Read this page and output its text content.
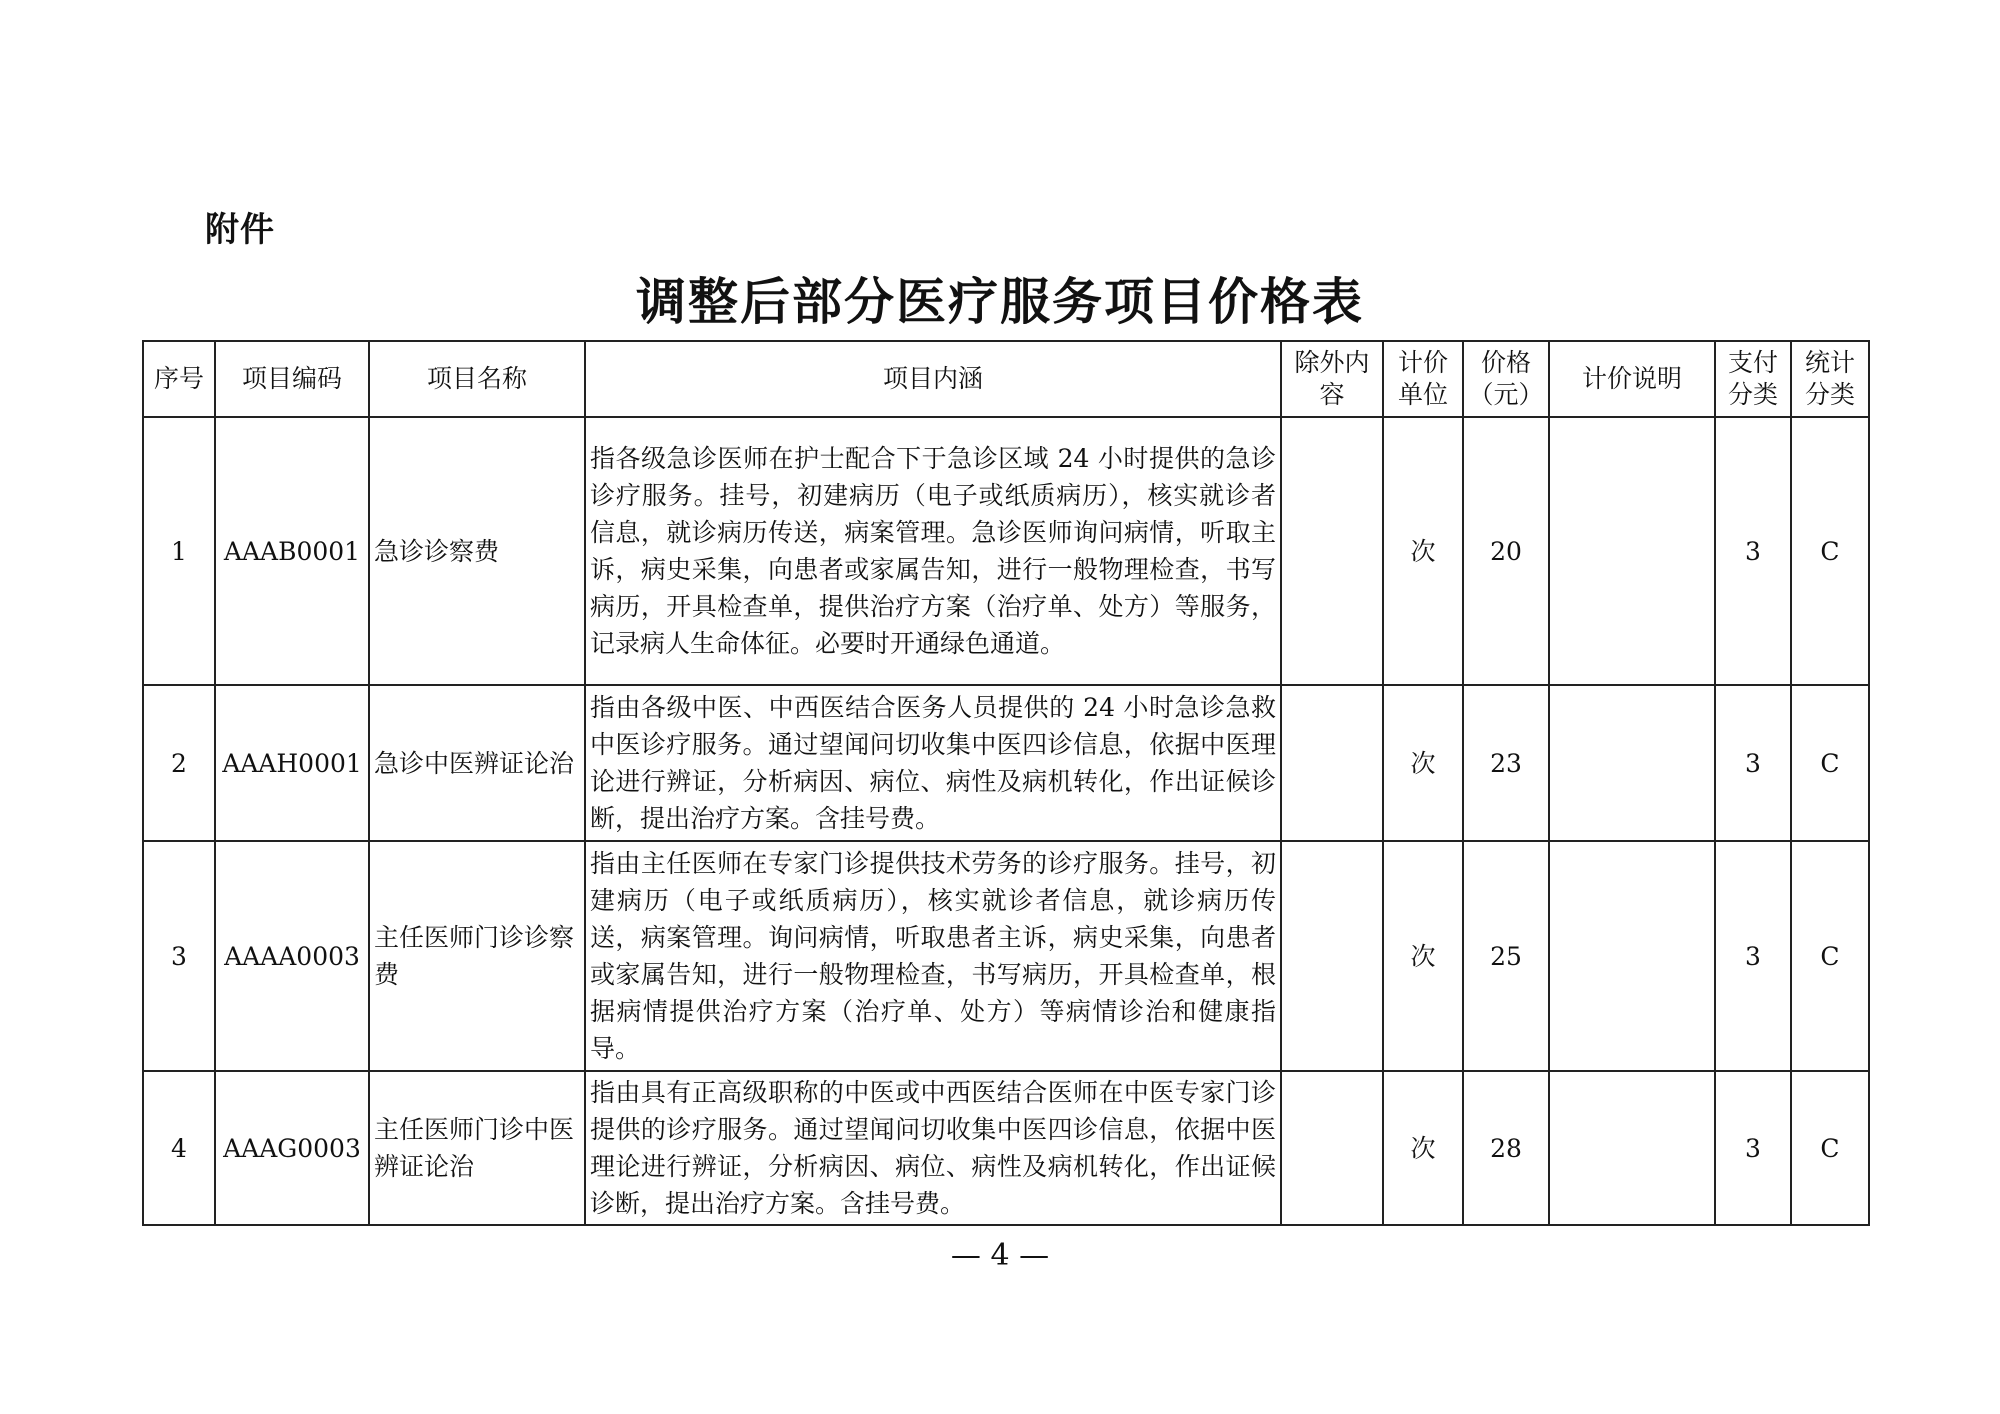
附件
调整后部分医疗服务项目价格表
序号	项目编码	项目名称	项目内涵	除外内容	计价单位	价格（元）	计价说明	支付分类	统计分类
1	AAAB0001	急诊诊察费	指各级急诊医师在护士配合下于急诊区域 24 小时提供的急诊诊疗服务。挂号，初建病历（电子或纸质病历），核实就诊者信息，就诊病历传送，病案管理。急诊医师询问病情，听取主诉，病史采集，向患者或家属告知，进行一般物理检查，书写病历，开具检查单，提供治疗方案（治疗单、处方）等服务，记录病人生命体征。必要时开通绿色通道。		次	20		3	C
2	AAAH0001	急诊中医辨证论治	指由各级中医、中西医结合医务人员提供的 24 小时急诊急救中医诊疗服务。通过望闻问切收集中医四诊信息，依据中医理论进行辨证，分析病因、病位、病性及病机转化，作出证候诊断，提出治疗方案。含挂号费。		次	23		3	C
3	AAAA0003	主任医师门诊诊察费	指由主任医师在专家门诊提供技术劳务的诊疗服务。挂号，初建病历（电子或纸质病历），核实就诊者信息，就诊病历传送，病案管理。询问病情，听取患者主诉，病史采集，向患者或家属告知，进行一般物理检查，书写病历，开具检查单，根据病情提供治疗方案（治疗单、处方）等病情诊治和健康指导。		次	25		3	C
4	AAAG0003	主任医师门诊中医辨证论治	指由具有正高级职称的中医或中西医结合医师在中医专家门诊提供的诊疗服务。通过望闻问切收集中医四诊信息，依据中医理论进行辨证，分析病因、病位、病性及病机转化，作出证候诊断，提出治疗方案。含挂号费。		次	28		3	C
— 4 —
